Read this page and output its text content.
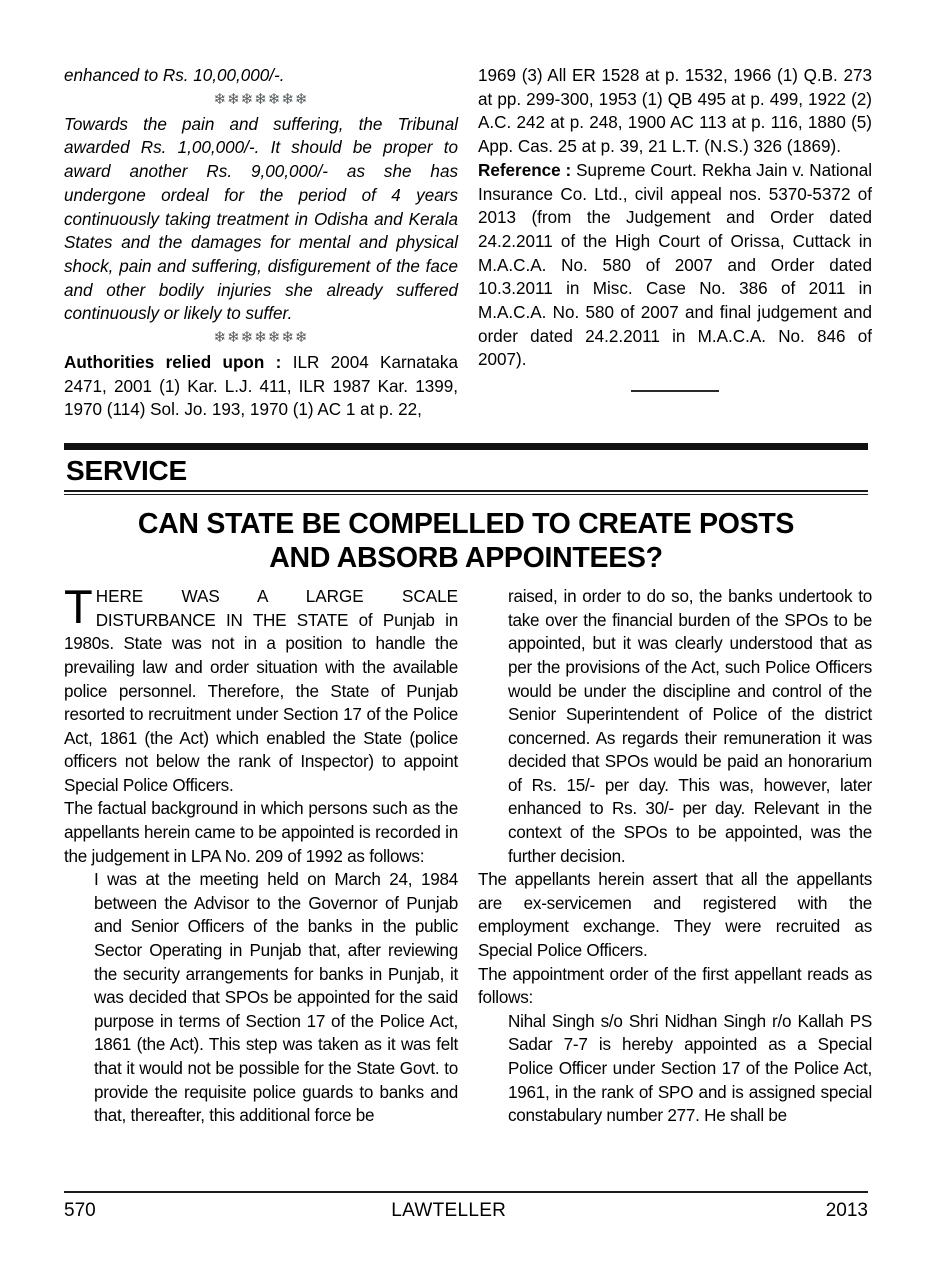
enhanced to Rs. 10,00,000/-.

❄❄❄❄❄❄❄

Towards the pain and suffering, the Tribunal awarded Rs. 1,00,000/-. It should be proper to award another Rs. 9,00,000/- as she has undergone ordeal for the period of 4 years continuously taking treatment in Odisha and Kerala States and the damages for mental and physical shock, pain and suffering, disfigurement of the face and other bodily injuries she already suffered continuously or likely to suffer.

❄❄❄❄❄❄❄

Authorities relied upon : ILR 2004 Karnataka 2471, 2001 (1) Kar. L.J. 411, ILR 1987 Kar. 1399, 1970 (114) Sol. Jo. 193, 1970 (1) AC 1 at p. 22,

1969 (3) All ER 1528 at p. 1532, 1966 (1) Q.B. 273 at pp. 299-300, 1953 (1) QB 495 at p. 499, 1922 (2) A.C. 242 at p. 248, 1900 AC 113 at p. 116, 1880 (5) App. Cas. 25 at p. 39, 21 L.T. (N.S.) 326 (1869).

Reference : Supreme Court. Rekha Jain v. National Insurance Co. Ltd., civil appeal nos. 5370-5372 of 2013 (from the Judgement and Order dated 24.2.2011 of the High Court of Orissa, Cuttack in M.A.C.A. No. 580 of 2007 and Order dated 10.3.2011 in Misc. Case No. 386 of 2011 in M.A.C.A. No. 580 of 2007 and final judgement and order dated 24.2.2011 in M.A.C.A. No. 846 of 2007).

SERVICE
CAN STATE BE COMPELLED TO CREATE POSTS
AND ABSORB APPOINTEES?

THERE WAS A LARGE SCALE DISTURBANCE IN THE STATE of Punjab in 1980s. State was not in a position to handle the prevailing law and order situation with the available police personnel. Therefore, the State of Punjab resorted to recruitment under Section 17 of the Police Act, 1861 (the Act) which enabled the State (police officers not below the rank of Inspector) to appoint Special Police Officers.

The factual background in which persons such as the appellants herein came to be appointed is recorded in the judgement in LPA No. 209 of 1992 as follows:

I was at the meeting held on March 24, 1984 between the Advisor to the Governor of Punjab and Senior Officers of the banks in the public Sector Operating in Punjab that, after reviewing the security arrangements for banks in Punjab, it was decided that SPOs be appointed for the said purpose in terms of Section 17 of the Police Act, 1861 (the Act). This step was taken as it was felt that it would not be possible for the State Govt. to provide the requisite police guards to banks and that, thereafter, this additional force be

raised, in order to do so, the banks undertook to take over the financial burden of the SPOs to be appointed, but it was clearly understood that as per the provisions of the Act, such Police Officers would be under the discipline and control of the Senior Superintendent of Police of the district concerned. As regards their remuneration it was decided that SPOs would be paid an honorarium of Rs. 15/- per day. This was, however, later enhanced to Rs. 30/- per day. Relevant in the context of the SPOs to be appointed, was the further decision.

The appellants herein assert that all the appellants are ex-servicemen and registered with the employment exchange. They were recruited as Special Police Officers.

The appointment order of the first appellant reads as follows:

Nihal Singh s/o Shri Nidhan Singh r/o Kallah PS Sadar 7-7 is hereby appointed as a Special Police Officer under Section 17 of the Police Act, 1961, in the rank of SPO and is assigned special constabulary number 277. He shall be

570	LAWTELLER	2013
